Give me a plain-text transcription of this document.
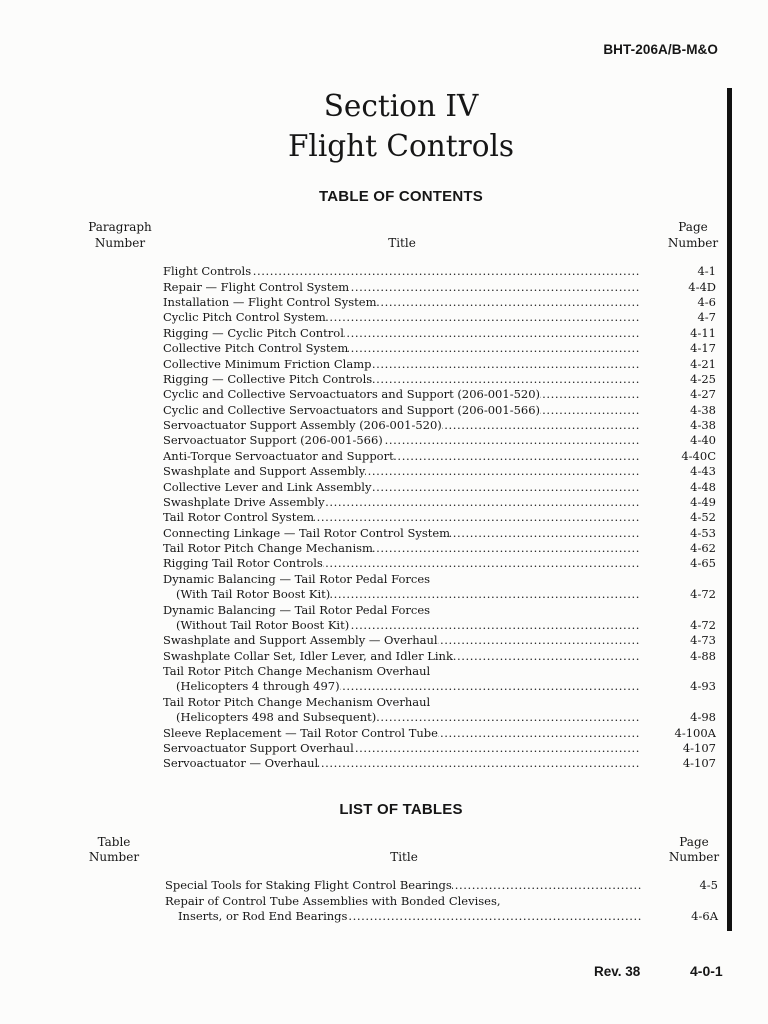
BHT-206A/B-M&O
Section IV
Flight Controls
TABLE OF CONTENTS
Paragraph
Number	Title
Page
Number
Flight Controls .....	4-1
Repair — Flight Control System .....	4-4D
Installation — Flight Control System .....	4-6
Cyclic Pitch Control System .....	4-7
Rigging — Cyclic Pitch Control .....	4-11
Collective Pitch Control System .....	4-17
Collective Minimum Friction Clamp .....	4-21
Rigging — Collective Pitch Controls .....	4-25
Cyclic and Collective Servoactuators and Support (206-001-520) .....	4-27
Cyclic and Collective Servoactuators and Support (206-001-566) .....	4-38
Servoactuator Support Assembly (206-001-520) .....	4-38
Servoactuator Support (206-001-566) .....	4-40
Anti-Torque Servoactuator and Support .....	4-40C
Swashplate and Support Assembly .....	4-43
Collective Lever and Link Assembly .....	4-48
Swashplate Drive Assembly .....	4-49
Tail Rotor Control System .....	4-52
Connecting Linkage — Tail Rotor Control System .....	4-53
Tail Rotor Pitch Change Mechanism .....	4-62
Rigging Tail Rotor Controls .....	4-65
Dynamic Balancing — Tail Rotor Pedal Forces
(With Tail Rotor Boost Kit) .....	4-72
Dynamic Balancing — Tail Rotor Pedal Forces
(Without Tail Rotor Boost Kit) .....	4-72
Swashplate and Support Assembly — Overhaul .....	4-73
Swashplate Collar Set, Idler Lever, and Idler Link .....	4-88
Tail Rotor Pitch Change Mechanism Overhaul
(Helicopters 4 through 497) .....	4-93
Tail Rotor Pitch Change Mechanism Overhaul
(Helicopters 498 and Subsequent) .....	4-98
Sleeve Replacement — Tail Rotor Control Tube .....	4-100A
Servoactuator Support Overhaul .....	4-107
Servoactuator — Overhaul .....	4-107
LIST OF TABLES
Table
Number	Title
Page
Number
Special Tools for Staking Flight Control Bearings .....	4-5
Repair of Control Tube Assemblies with Bonded Clevises,
Inserts, or Rod End Bearings .....	4-6A
Rev. 38	4-0-1
